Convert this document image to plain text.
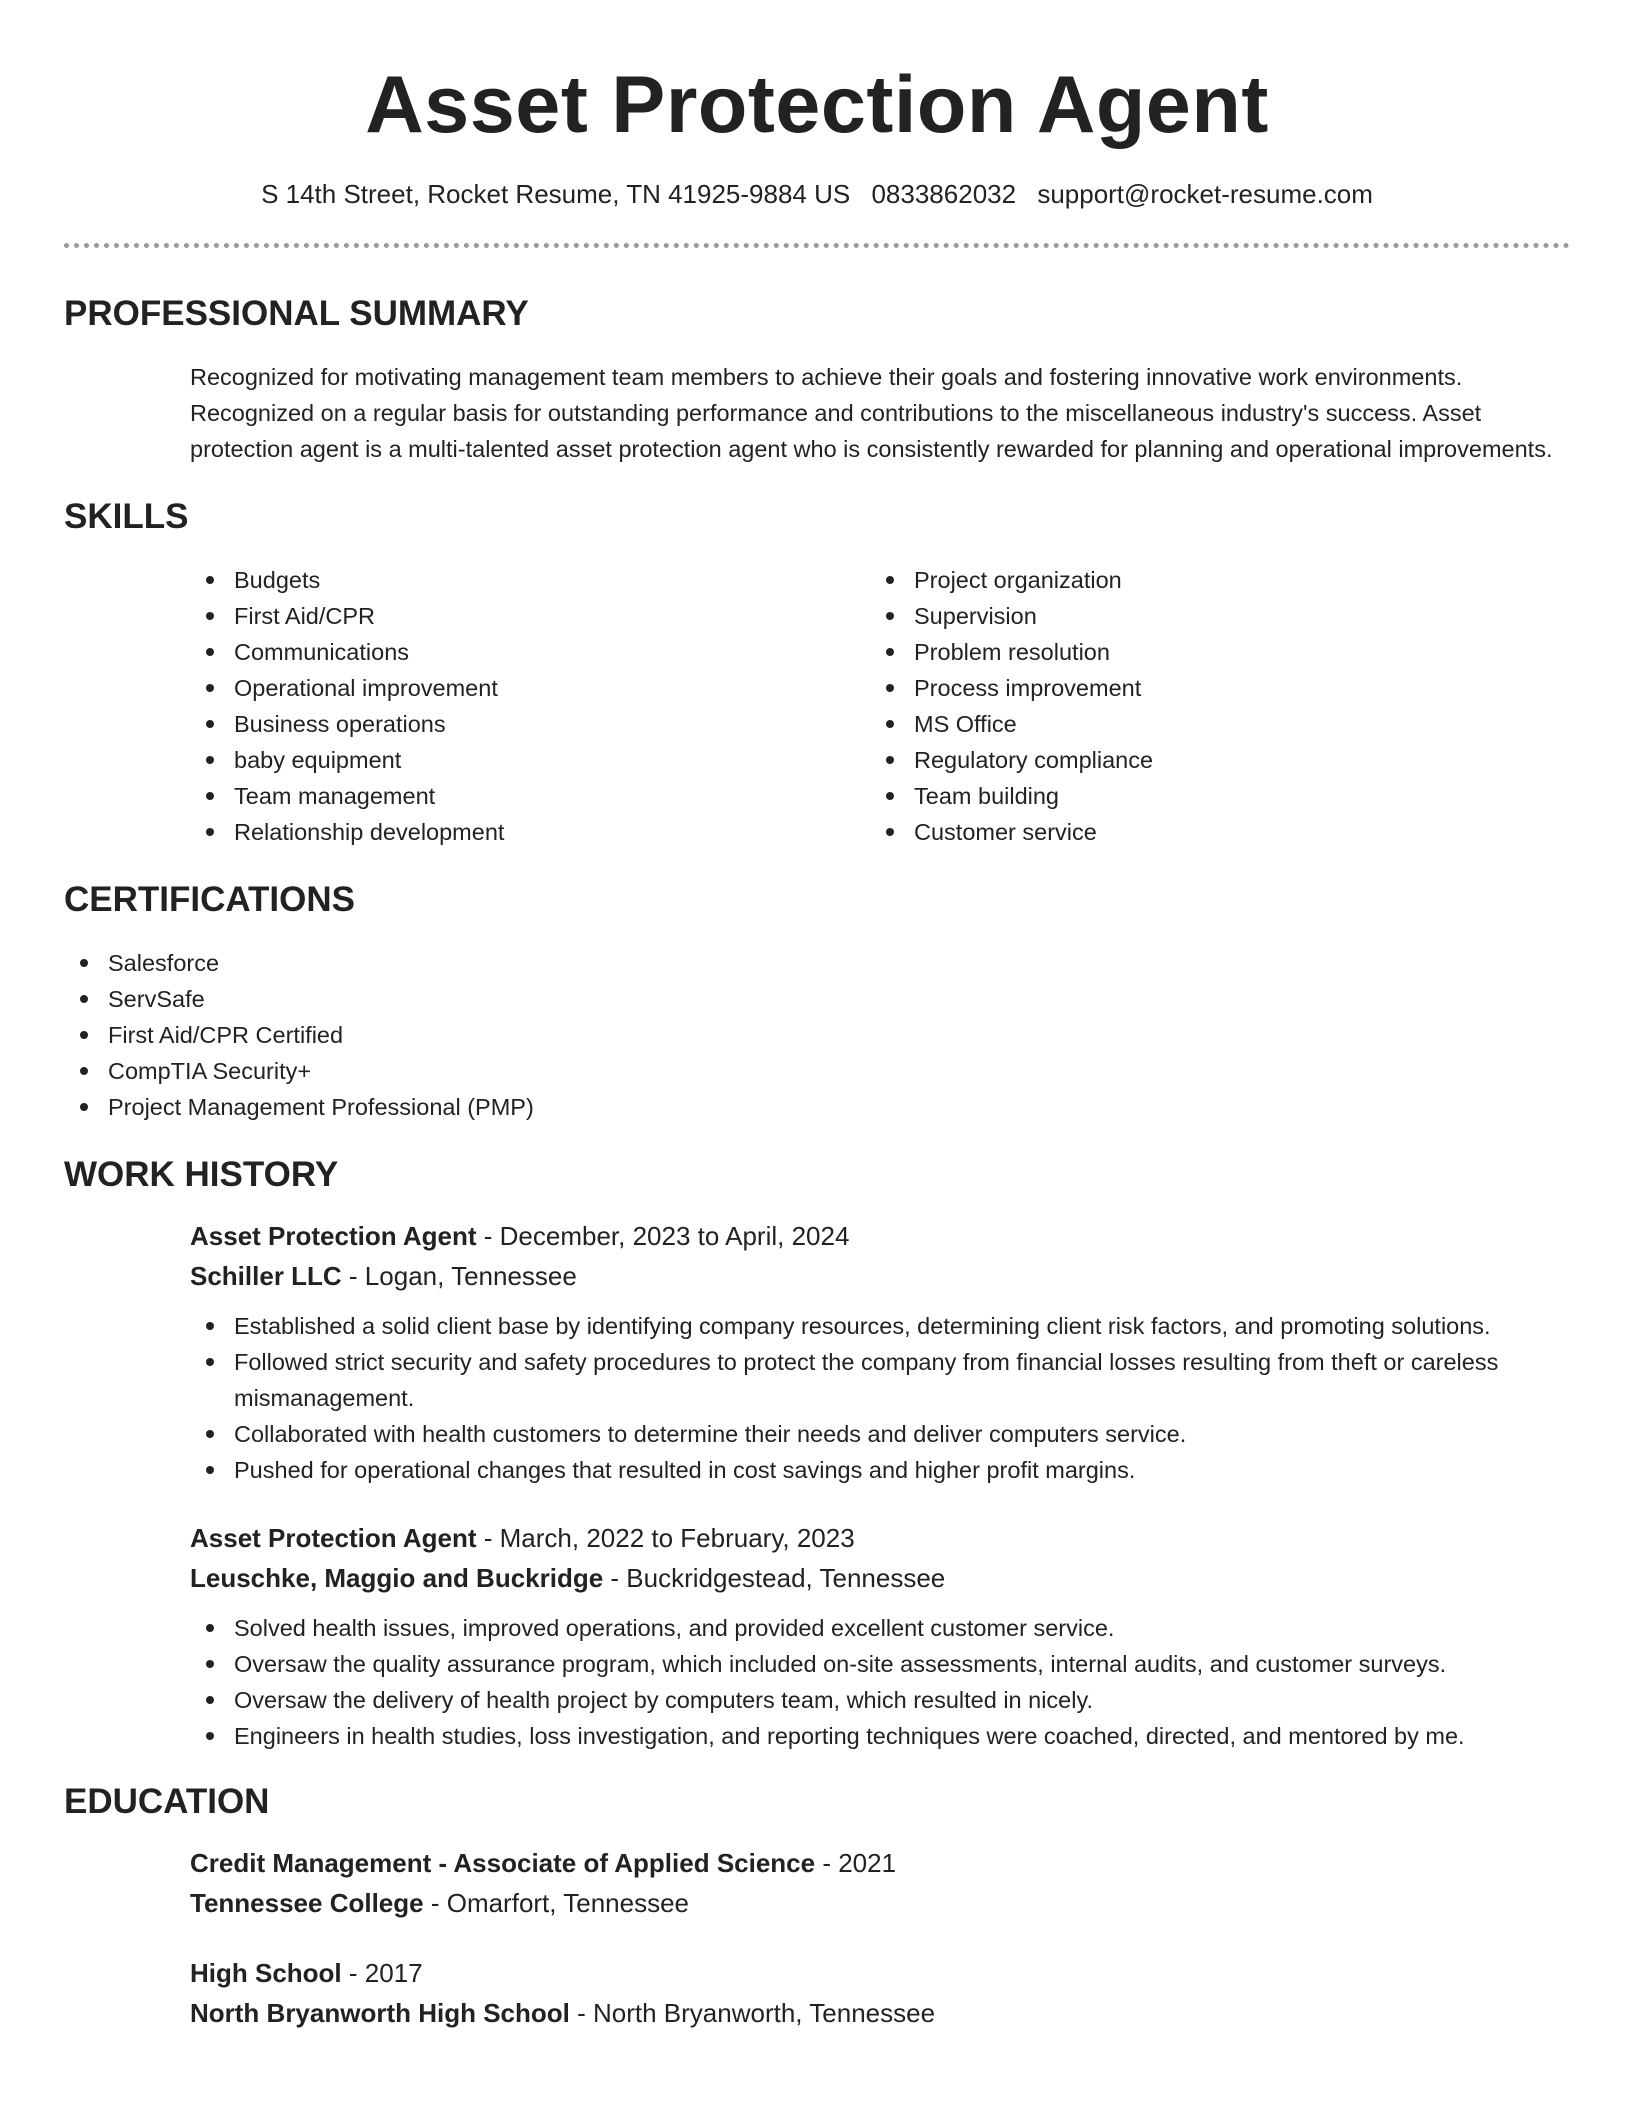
Asset Protection Agent
S 14th Street, Rocket Resume, TN 41925-9884 US 0833862032 support@rocket-resume.com
PROFESSIONAL SUMMARY
Recognized for motivating management team members to achieve their goals and fostering innovative work environments. Recognized on a regular basis for outstanding performance and contributions to the miscellaneous industry's success. Asset protection agent is a multi-talented asset protection agent who is consistently rewarded for planning and operational improvements.
SKILLS
Budgets
First Aid/CPR
Communications
Operational improvement
Business operations
baby equipment
Team management
Relationship development
Project organization
Supervision
Problem resolution
Process improvement
MS Office
Regulatory compliance
Team building
Customer service
CERTIFICATIONS
Salesforce
ServSafe
First Aid/CPR Certified
CompTIA Security+
Project Management Professional (PMP)
WORK HISTORY
Asset Protection Agent - December, 2023 to April, 2024
Schiller LLC - Logan, Tennessee
Established a solid client base by identifying company resources, determining client risk factors, and promoting solutions.
Followed strict security and safety procedures to protect the company from financial losses resulting from theft or careless mismanagement.
Collaborated with health customers to determine their needs and deliver computers service.
Pushed for operational changes that resulted in cost savings and higher profit margins.
Asset Protection Agent - March, 2022 to February, 2023
Leuschke, Maggio and Buckridge - Buckridgestead, Tennessee
Solved health issues, improved operations, and provided excellent customer service.
Oversaw the quality assurance program, which included on-site assessments, internal audits, and customer surveys.
Oversaw the delivery of health project by computers team, which resulted in nicely.
Engineers in health studies, loss investigation, and reporting techniques were coached, directed, and mentored by me.
EDUCATION
Credit Management - Associate of Applied Science - 2021
Tennessee College - Omarfort, Tennessee
High School - 2017
North Bryanworth High School - North Bryanworth, Tennessee
